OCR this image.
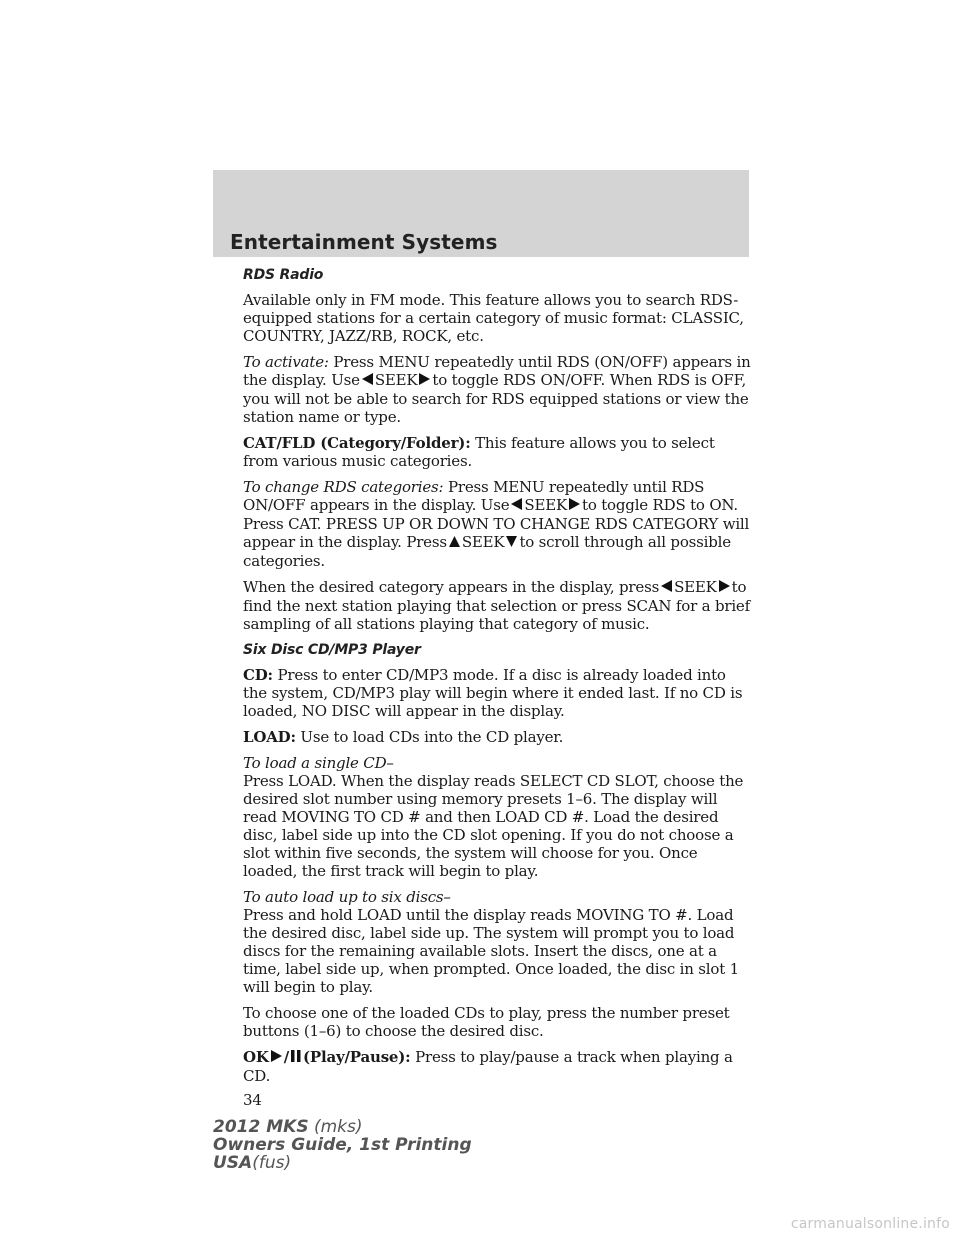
Entertainment Systems
RDS Radio

Available only in FM mode. This feature allows you to search RDS-equipped stations for a certain category of music format: CLASSIC, COUNTRY, JAZZ/RB, ROCK, etc.

To activate: Press MENU repeatedly until RDS (ON/OFF) appears in the display. Use SEEK to toggle RDS ON/OFF. When RDS is OFF, you will not be able to search for RDS equipped stations or view the station name or type.

CAT/FLD (Category/Folder): This feature allows you to select from various music categories.

To change RDS categories: Press MENU repeatedly until RDS ON/OFF appears in the display. Use SEEK to toggle RDS to ON. Press CAT. PRESS UP OR DOWN TO CHANGE RDS CATEGORY will appear in the display. Press SEEK to scroll through all possible categories.

When the desired category appears in the display, press SEEK to find the next station playing that selection or press SCAN for a brief sampling of all stations playing that category of music.

Six Disc CD/MP3 Player

CD: Press to enter CD/MP3 mode. If a disc is already loaded into the system, CD/MP3 play will begin where it ended last. If no CD is loaded, NO DISC will appear in the display.

LOAD: Use to load CDs into the CD player.

To load a single CD–
Press LOAD. When the display reads SELECT CD SLOT, choose the desired slot number using memory presets 1–6. The display will read MOVING TO CD # and then LOAD CD #. Load the desired disc, label side up into the CD slot opening. If you do not choose a slot within five seconds, the system will choose for you. Once loaded, the first track will begin to play.

To auto load up to six discs–
Press and hold LOAD until the display reads MOVING TO #. Load the desired disc, label side up. The system will prompt you to load discs for the remaining available slots. Insert the discs, one at a time, label side up, when prompted. Once loaded, the disc in slot 1 will begin to play.

To choose one of the loaded CDs to play, press the number preset buttons (1–6) to choose the desired disc.

OK / (Play/Pause): Press to play/pause a track when playing a CD.

34
2012 MKS (mks)
Owners Guide, 1st Printing
USA(fus)
carmanualsonline.info
